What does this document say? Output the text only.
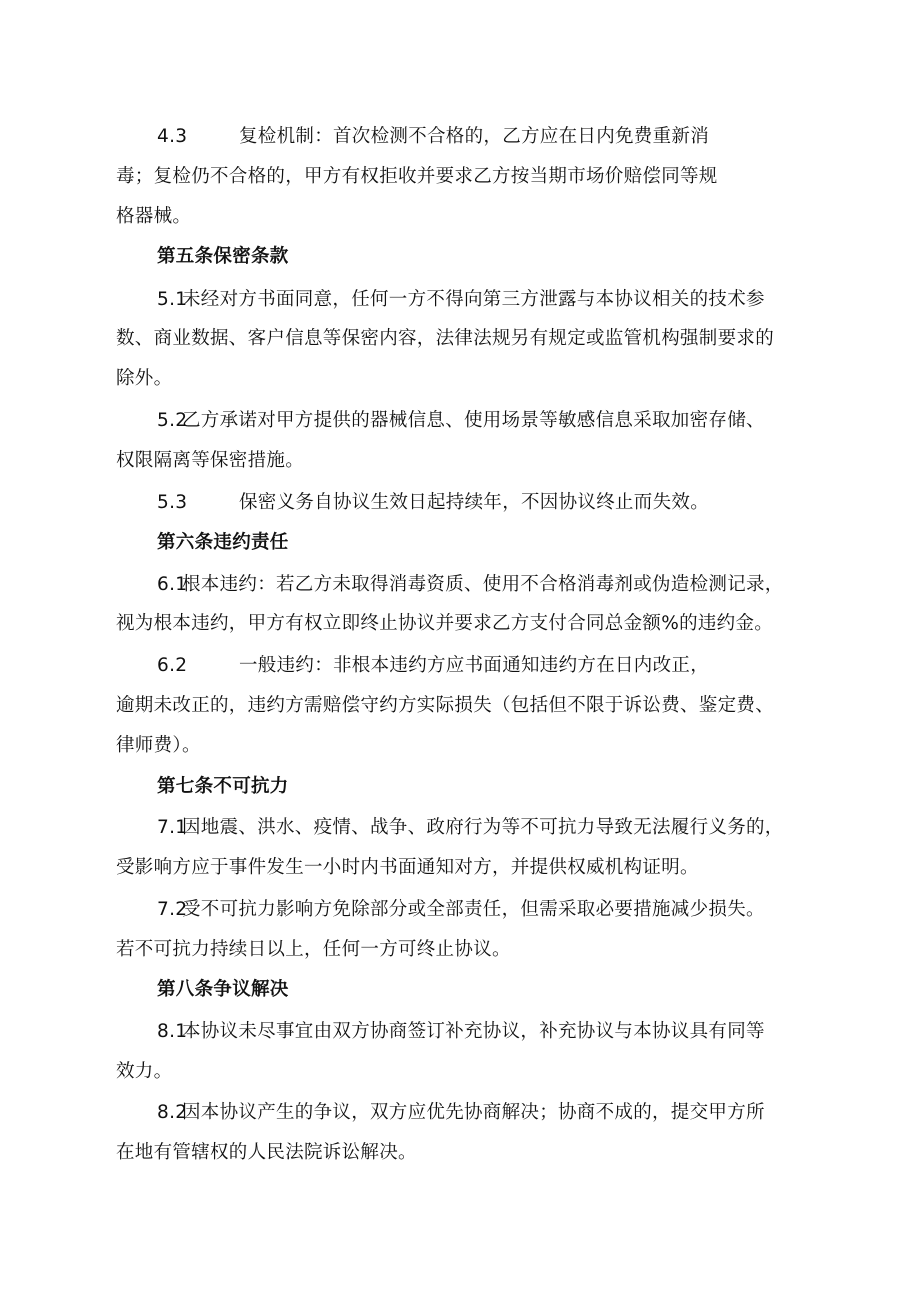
4.3	复检机制：首次检测不合格的，乙方应在日内免费重新消
毒；复检仍不合格的，甲方有权拒收并要求乙方按当期市场价赔偿同等规
格器械。
第五条保密条款
5.1未经对方书面同意，任何一方不得向第三方泄露与本协议相关的技术参
数、商业数据、客户信息等保密内容，法律法规另有规定或监管机构强制要求的
除外。
5.2乙方承诺对甲方提供的器械信息、使用场景等敏感信息采取加密存储、
权限隔离等保密措施。
5.3	保密义务自协议生效日起持续年，不因协议终止而失效。
第六条违约责任
6.1根本违约：若乙方未取得消毒资质、使用不合格消毒剂或伪造检测记录，
视为根本违约，甲方有权立即终止协议并要求乙方支付合同总金额%的违约金。
6.2	一般违约：非根本违约方应书面通知违约方在日内改正，
逾期未改正的，违约方需赔偿守约方实际损失（包括但不限于诉讼费、鉴定费、
律师费）。
第七条不可抗力
7.1因地震、洪水、疫情、战争、政府行为等不可抗力导致无法履行义务的，
受影响方应于事件发生一小时内书面通知对方，并提供权威机构证明。
7.2受不可抗力影响方免除部分或全部责任，但需采取必要措施减少损失。
若不可抗力持续日以上，任何一方可终止协议。
第八条争议解决
8.1本协议未尽事宜由双方协商签订补充协议，补充协议与本协议具有同等
效力。
8.2因本协议产生的争议，双方应优先协商解决；协商不成的，提交甲方所
在地有管辖权的人民法院诉讼解决。
